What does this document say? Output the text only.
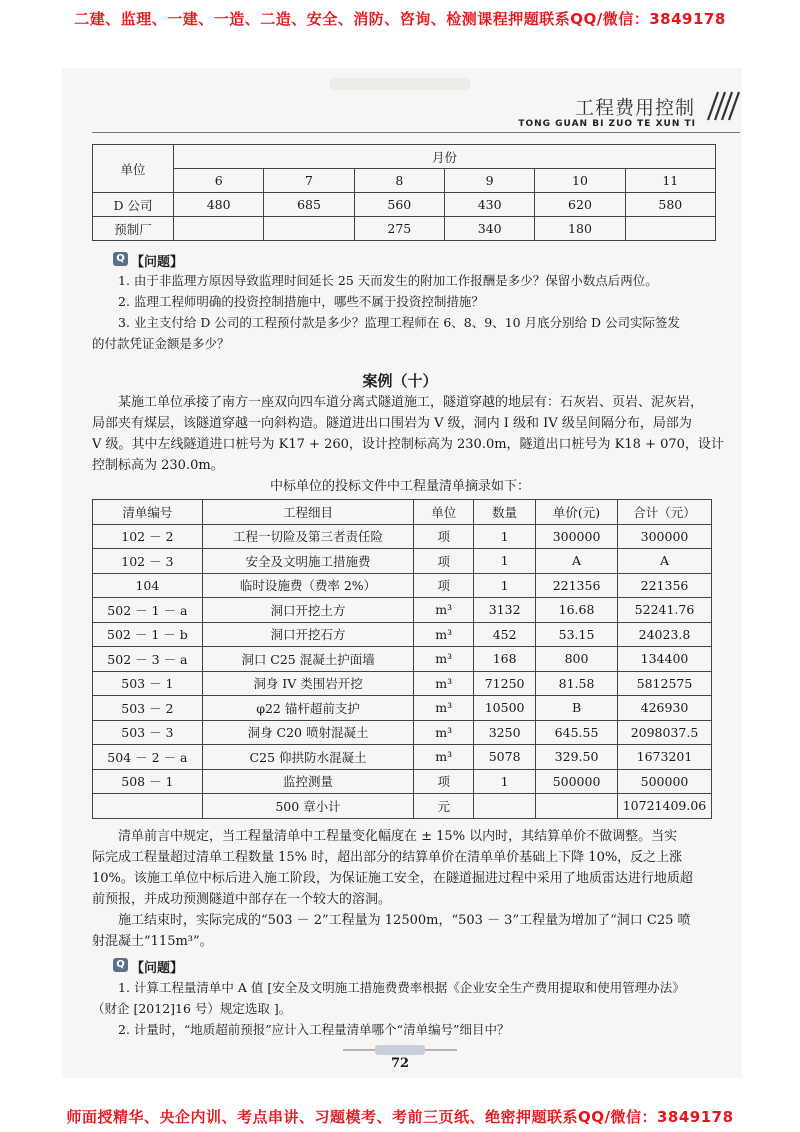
二建、监理、一建、一造、二造、安全、消防、咨询、检测课程押题联系QQ/微信：3849178
工程费用控制
TONG GUAN BI ZUO TE XUN TI
单位	月份					
	6	7	8	9	10	11
D 公司	480	685	560	430	620	580
预制厂			275	340	180	
Q 【问题】
1. 由于非监理方原因导致监理时间延长 25 天而发生的附加工作报酬是多少？保留小数点后两位。
2. 监理工程师明确的投资控制措施中，哪些不属于投资控制措施？
3. 业主支付给 D 公司的工程预付款是多少？监理工程师在 6、8、9、10 月底分别给 D 公司实际签发
的付款凭证金额是多少？
案例（十）
某施工单位承接了南方一座双向四车道分离式隧道施工，隧道穿越的地层有：石灰岩、页岩、泥灰岩，
局部夹有煤层，该隧道穿越一向斜构造。隧道进出口围岩为 V 级，洞内 I 级和 IV 级呈间隔分布，局部为
V 级。其中左线隧道进口桩号为 K17 + 260，设计控制标高为 230.0m，隧道出口桩号为 K18 + 070，设计
控制标高为 230.0m。
中标单位的投标文件中工程量清单摘录如下：
清单编号	工程细目	单位	数量	单价(元)	合计（元）
102 － 2	工程一切险及第三者责任险	项	1	300000	300000
102 － 3	安全及文明施工措施费	项	1	A	A
104	临时设施费（费率 2%）	项	1	221356	221356
502 － 1 － a	洞口开挖土方	m³	3132	16.68	52241.76
502 － 1 － b	洞口开挖石方	m³	452	53.15	24023.8
502 － 3 － a	洞口 C25 混凝土护面墙	m³	168	800	134400
503 － 1	洞身 IV 类围岩开挖	m³	71250	81.58	5812575
503 － 2	φ22 锚杆超前支护	m³	10500	B	426930
503 － 3	洞身 C20 喷射混凝土	m³	3250	645.55	2098037.5
504 － 2 － a	C25 仰拱防水混凝土	m³	5078	329.50	1673201
508 － 1	监控测量	项	1	500000	500000
	500 章小计	元			10721409.06
清单前言中规定，当工程量清单中工程量变化幅度在 ± 15% 以内时，其结算单价不做调整。当实
际完成工程量超过清单工程数量 15% 时，超出部分的结算单价在清单单价基础上下降 10%，反之上涨
10%。该施工单位中标后进入施工阶段，为保证施工安全，在隧道掘进过程中采用了地质雷达进行地质超
前预报，并成功预测隧道中部存在一个较大的溶洞。
施工结束时，实际完成的“503 － 2”工程量为 12500m，“503 － 3”工程量为增加了“洞口 C25 喷
射混凝土“115m³”。
Q 【问题】
1. 计算工程量清单中 A 值 [安全及文明施工措施费费率根据《企业安全生产费用提取和使用管理办法》
（财企 [2012]16 号）规定选取 ]。
2. 计量时，“地质超前预报”应计入工程量清单哪个“清单编号”细目中？
72
师面授精华、央企内训、考点串讲、习题模考、考前三页纸、绝密押题联系QQ/微信：3849178
